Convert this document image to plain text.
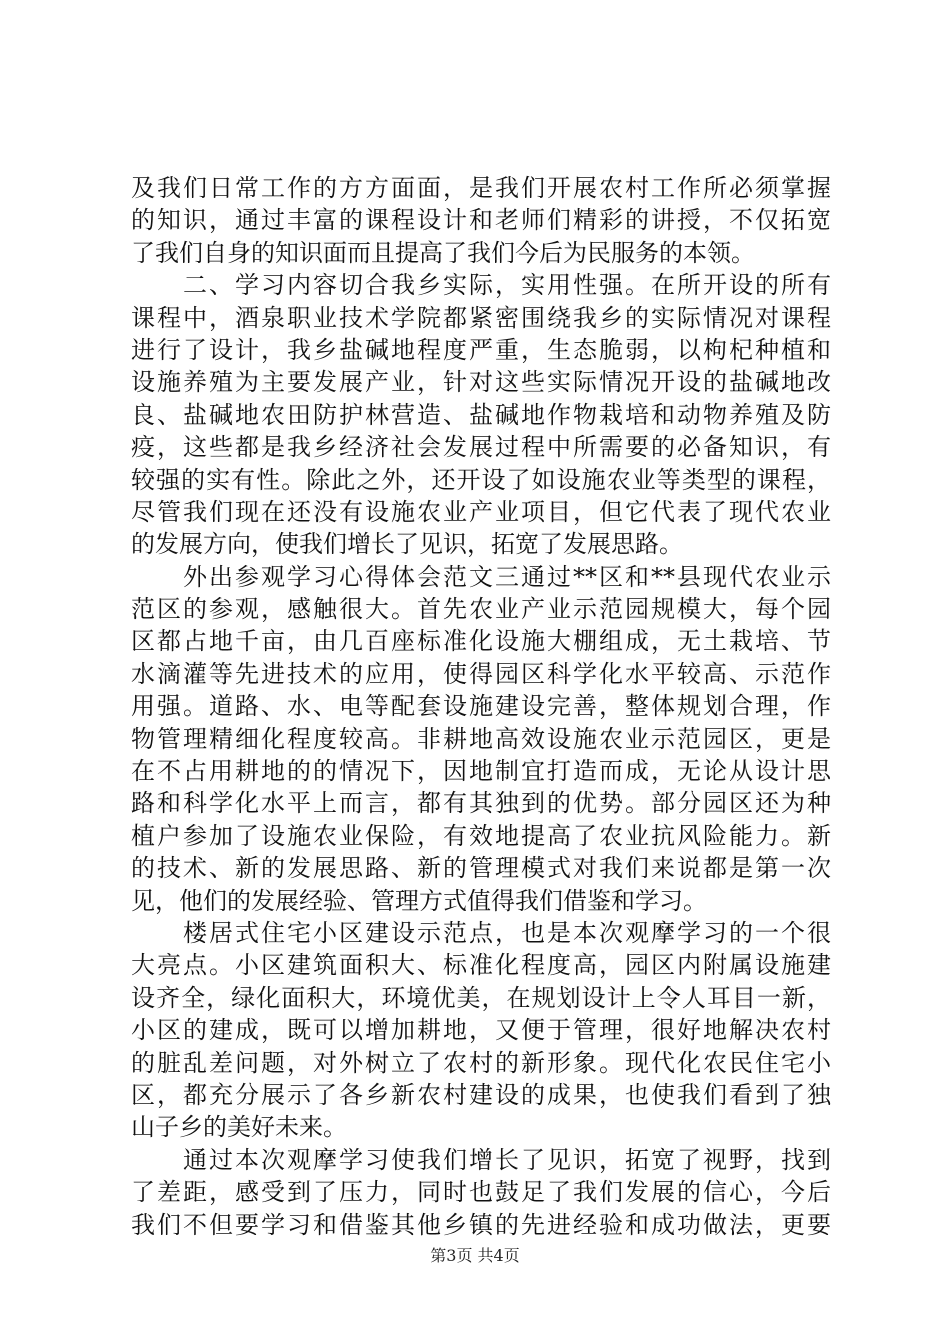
及我们日常工作的方方面面，是我们开展农村工作所必须掌握
的知识，通过丰富的课程设计和老师们精彩的讲授，不仅拓宽
了我们自身的知识面而且提高了我们今后为民服务的本领。
　　二、学习内容切合我乡实际，实用性强。在所开设的所有
课程中，酒泉职业技术学院都紧密围绕我乡的实际情况对课程
进行了设计，我乡盐碱地程度严重，生态脆弱，以枸杞种植和
设施养殖为主要发展产业，针对这些实际情况开设的盐碱地改
良、盐碱地农田防护林营造、盐碱地作物栽培和动物养殖及防
疫，这些都是我乡经济社会发展过程中所需要的必备知识，有
较强的实有性。除此之外，还开设了如设施农业等类型的课程，
尽管我们现在还没有设施农业产业项目，但它代表了现代农业
的发展方向，使我们增长了见识，拓宽了发展思路。
　　外出参观学习心得体会范文三通过**区和**县现代农业示
范区的参观，感触很大。首先农业产业示范园规模大，每个园
区都占地千亩，由几百座标准化设施大棚组成，无土栽培、节
水滴灌等先进技术的应用，使得园区科学化水平较高、示范作
用强。道路、水、电等配套设施建设完善，整体规划合理，作
物管理精细化程度较高。非耕地高效设施农业示范园区，更是
在不占用耕地的的情况下，因地制宜打造而成，无论从设计思
路和科学化水平上而言，都有其独到的优势。部分园区还为种
植户参加了设施农业保险，有效地提高了农业抗风险能力。新
的技术、新的发展思路、新的管理模式对我们来说都是第一次
见，他们的发展经验、管理方式值得我们借鉴和学习。
　　楼居式住宅小区建设示范点，也是本次观摩学习的一个很
大亮点。小区建筑面积大、标准化程度高，园区内附属设施建
设齐全，绿化面积大，环境优美，在规划设计上令人耳目一新，
小区的建成，既可以增加耕地，又便于管理，很好地解决农村
的脏乱差问题，对外树立了农村的新形象。现代化农民住宅小
区，都充分展示了各乡新农村建设的成果，也使我们看到了独
山子乡的美好未来。
　　通过本次观摩学习使我们增长了见识，拓宽了视野，找到
了差距，感受到了压力，同时也鼓足了我们发展的信心，今后
我们不但要学习和借鉴其他乡镇的先进经验和成功做法，更要
第3页 共4页
